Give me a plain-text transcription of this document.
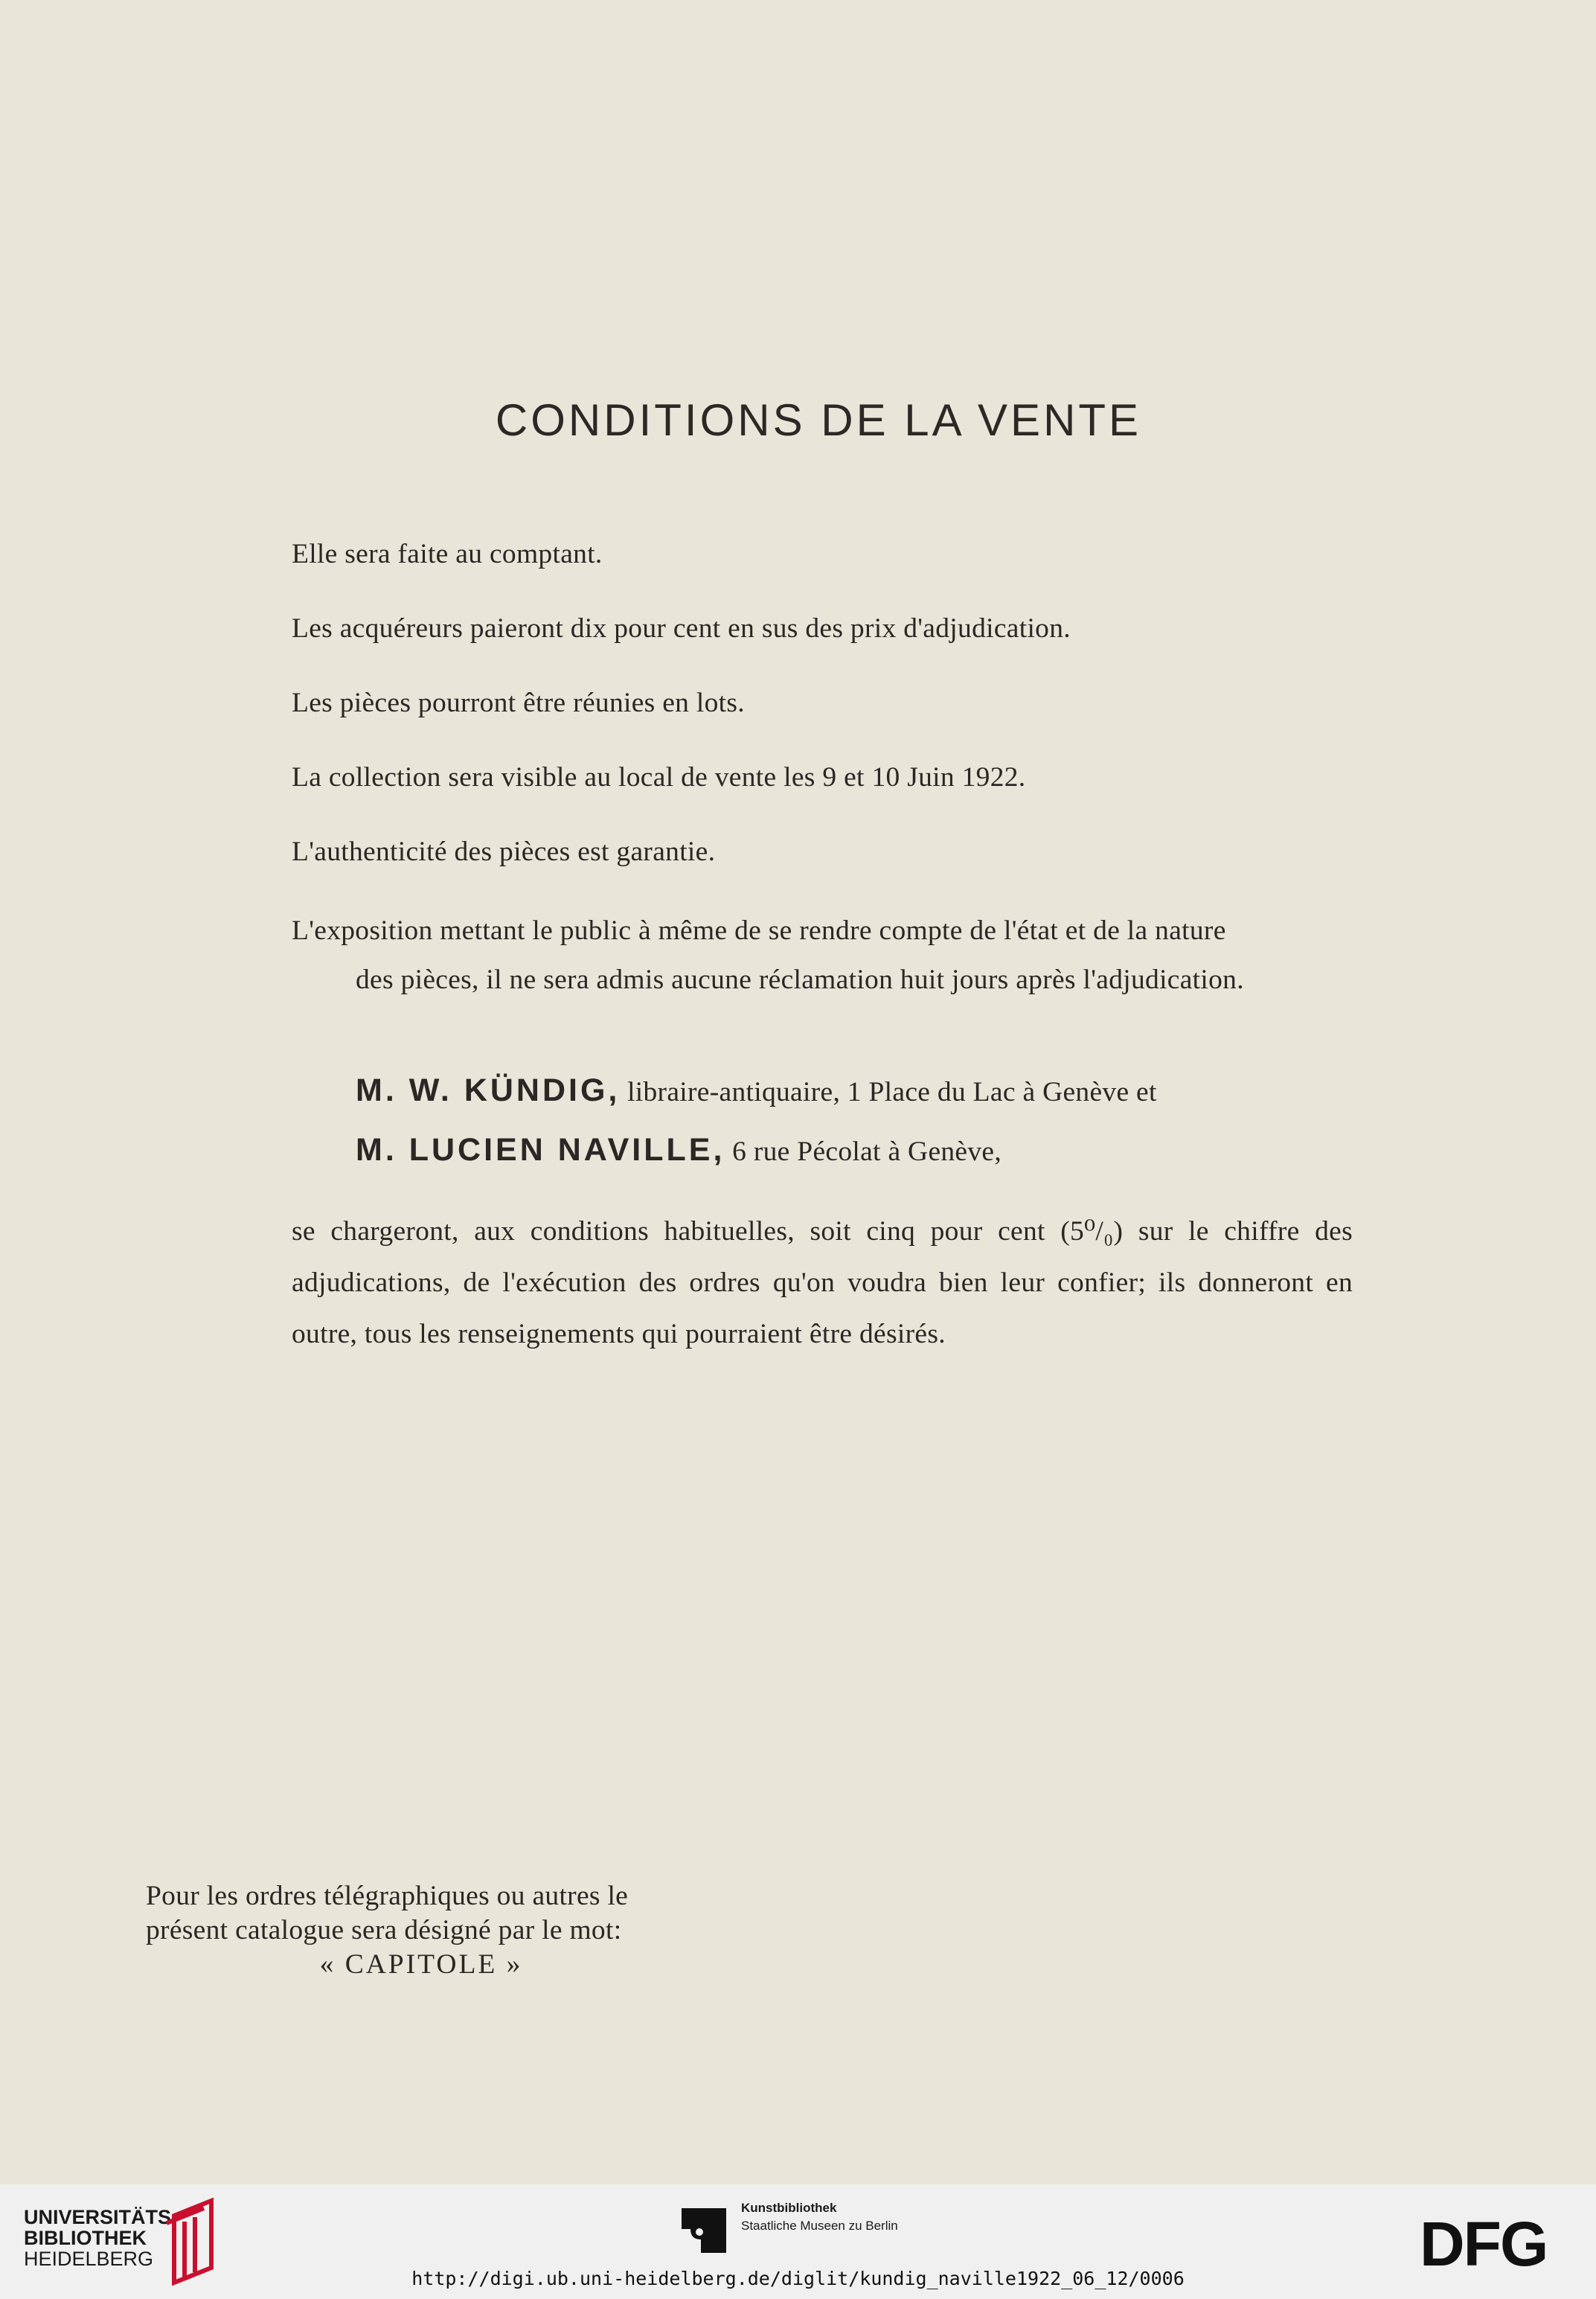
CONDITIONS DE LA VENTE
Elle sera faite au comptant.
Les acquéreurs paieront dix pour cent en sus des prix d'adjudication.
Les pièces pourront être réunies en lots.
La collection sera visible au local de vente les 9 et 10 Juin 1922.
L'authenticité des pièces est garantie.
L'exposition mettant le public à même de se rendre compte de l'état et de la nature
des pièces, il ne sera admis aucune réclamation huit jours après l'adjudication.
M. W. KÜNDIG, libraire-antiquaire, 1 Place du Lac à Genève et
M. LUCIEN NAVILLE, 6 rue Pécolat à Genève,
se chargeront, aux conditions habituelles, soit cinq pour cent (5⁰/₀) sur le chiffre des adjudications, de l'exécution des ordres qu'on voudra bien leur confier; ils donneront en outre, tous les renseignements qui pourraient être désirés.
Pour les ordres télégraphiques ou autres le
présent catalogue sera désigné par le mot:
« CAPITOLE »
UNIVERSITÄTS-
BIBLIOTHEK
HEIDELBERG
Kunstbibliothek
Staatliche Museen zu Berlin	DFG
http://digi.ub.uni-heidelberg.de/diglit/kundig_naville1922_06_12/0006
